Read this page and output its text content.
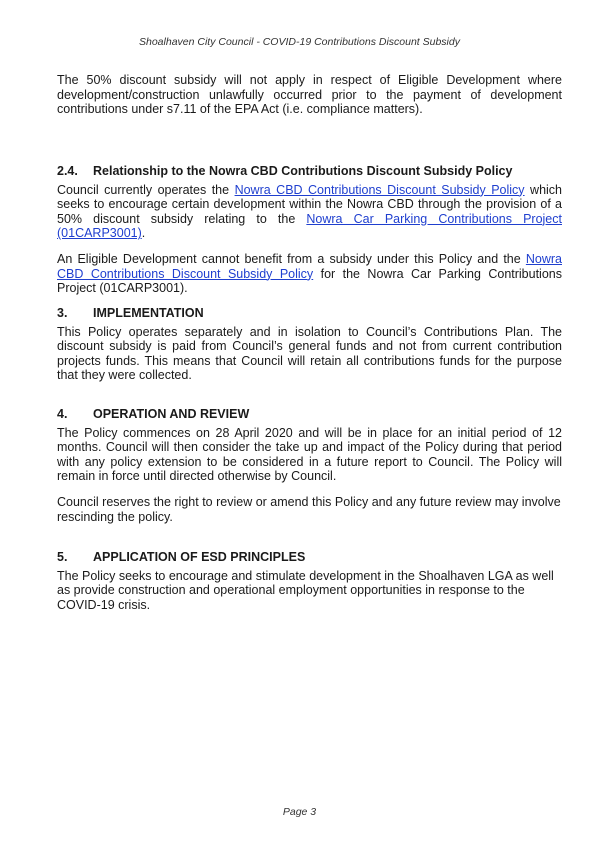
Shoalhaven City Council - COVID-19 Contributions Discount Subsidy

The 50% discount subsidy will not apply in respect of Eligible Development where development/construction unlawfully occurred prior to the payment of development contributions under s7.11 of the EPA Act (i.e. compliance matters).

2.4.	Relationship to the Nowra CBD Contributions Discount Subsidy Policy

Council currently operates the Nowra CBD Contributions Discount Subsidy Policy which seeks to encourage certain development within the Nowra CBD through the provision of a 50% discount subsidy relating to the Nowra Car Parking Contributions Project (01CARP3001).

An Eligible Development cannot benefit from a subsidy under this Policy and the Nowra CBD Contributions Discount Subsidy Policy for the Nowra Car Parking Contributions Project (01CARP3001).

3.	IMPLEMENTATION

This Policy operates separately and in isolation to Council’s Contributions Plan. The discount subsidy is paid from Council’s general funds and not from current contribution projects funds. This means that Council will retain all contributions funds for the purpose that they were collected.

4.	OPERATION AND REVIEW

The Policy commences on 28 April 2020 and will be in place for an initial period of 12 months. Council will then consider the take up and impact of the Policy during that period with any policy extension to be considered in a future report to Council. The Policy will remain in force until directed otherwise by Council.

Council reserves the right to review or amend this Policy and any future review may involve rescinding the policy.

5.	APPLICATION OF ESD PRINCIPLES

The Policy seeks to encourage and stimulate development in the Shoalhaven LGA as well as provide construction and operational employment opportunities in response to the COVID-19 crisis.

Page 3
